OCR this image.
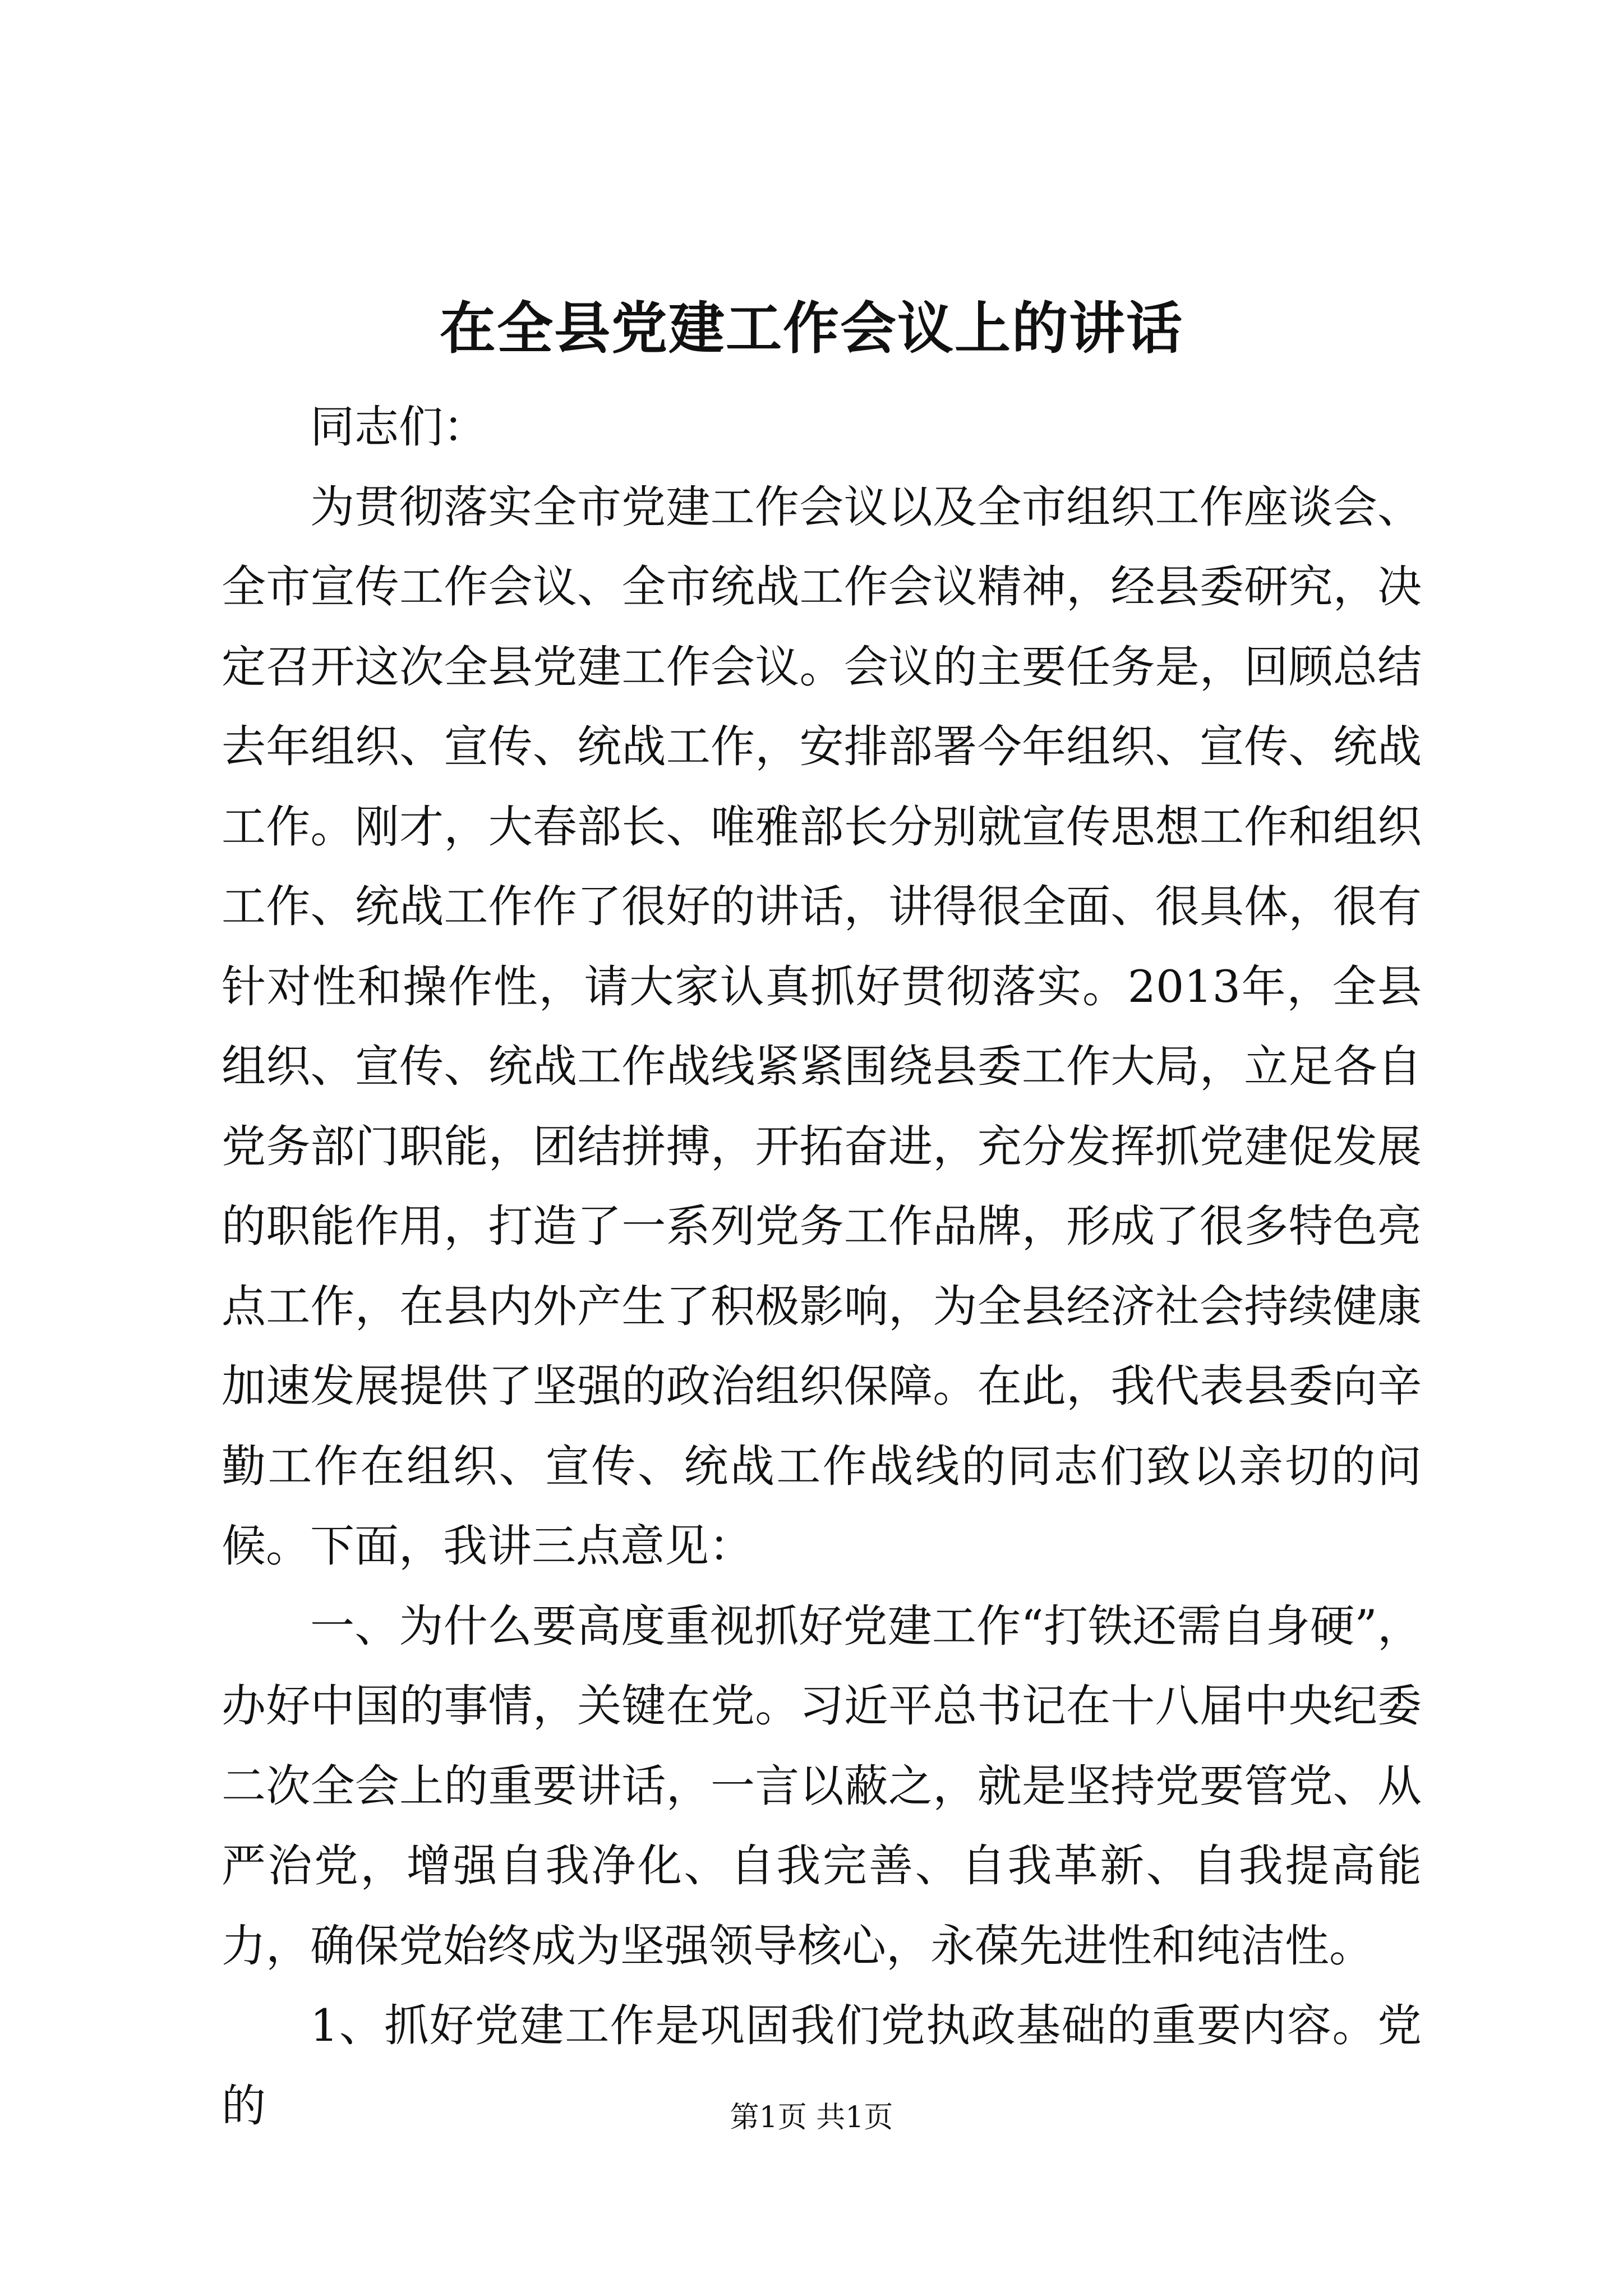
在全县党建工作会议上的讲话

同志们：

为贯彻落实全市党建工作会议以及全市组织工作座谈会、全市宣传工作会议、全市统战工作会议精神，经县委研究，决定召开这次全县党建工作会议。会议的主要任务是，回顾总结去年组织、宣传、统战工作，安排部署今年组织、宣传、统战工作。刚才，大春部长、唯雅部长分别就宣传思想工作和组织工作、统战工作作了很好的讲话，讲得很全面、很具体，很有针对性和操作性，请大家认真抓好贯彻落实。2013年，全县组织、宣传、统战工作战线紧紧围绕县委工作大局，立足各自党务部门职能，团结拼搏，开拓奋进，充分发挥抓党建促发展的职能作用，打造了一系列党务工作品牌，形成了很多特色亮点工作，在县内外产生了积极影响，为全县经济社会持续健康加速发展提供了坚强的政治组织保障。在此，我代表县委向辛勤工作在组织、宣传、统战工作战线的同志们致以亲切的问候。下面，我讲三点意见：

一、为什么要高度重视抓好党建工作“打铁还需自身硬”，办好中国的事情，关键在党。习近平总书记在十八届中央纪委二次全会上的重要讲话，一言以蔽之，就是坚持党要管党、从严治党，增强自我净化、自我完善、自我革新、自我提高能力，确保党始终成为坚强领导核心，永葆先进性和纯洁性。

1、抓好党建工作是巩固我们党执政基础的重要内容。党的	第1页 共1页
